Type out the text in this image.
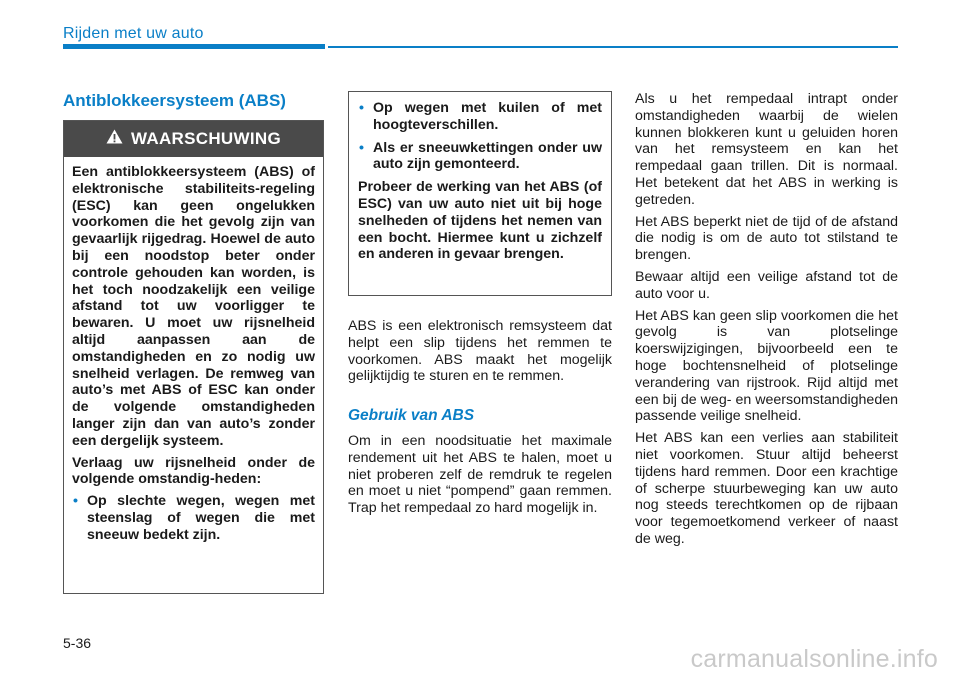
Rijden met uw auto
Antiblokkeersysteem (ABS)
WAARSCHUWING

Een antiblokkeersysteem (ABS) of elektronische stabiliteits-regeling (ESC) kan geen ongelukken voorkomen die het gevolg zijn van gevaarlijk rijgedrag. Hoewel de auto bij een noodstop beter onder controle gehouden kan worden, is het toch noodzakelijk een veilige afstand tot uw voorligger te bewaren. U moet uw rijsnelheid altijd aanpassen aan de omstandigheden en zo nodig uw snelheid verlagen. De remweg van auto’s met ABS of ESC kan onder de volgende omstandigheden langer zijn dan van auto’s zonder een dergelijk systeem.

Verlaag uw rijsnelheid onder de volgende omstandig-heden:

• Op slechte wegen, wegen met steenslag of wegen die met sneeuw bedekt zijn.
• Op wegen met kuilen of met hoogteverschillen.
• Als er sneeuwkettingen onder uw auto zijn gemonteerd.

Probeer de werking van het ABS (of ESC) van uw auto niet uit bij hoge snelheden of tijdens het nemen van een bocht. Hiermee kunt u zichzelf en anderen in gevaar brengen.

ABS is een elektronisch remsysteem dat helpt een slip tijdens het remmen te voorkomen. ABS maakt het mogelijk gelijktijdig te sturen en te remmen.

Gebruik van ABS

Om in een noodsituatie het maximale rendement uit het ABS te halen, moet u niet proberen zelf de remdruk te regelen en moet u niet “pompend” gaan remmen. Trap het rempedaal zo hard mogelijk in.

Als u het rempedaal intrapt onder omstandigheden waarbij de wielen kunnen blokkeren kunt u geluiden horen van het remsysteem en kan het rempedaal gaan trillen. Dit is normaal. Het betekent dat het ABS in werking is getreden.

Het ABS beperkt niet de tijd of de afstand die nodig is om de auto tot stilstand te brengen.

Bewaar altijd een veilige afstand tot de auto voor u.

Het ABS kan geen slip voorkomen die het gevolg is van plotselinge koerswijzigingen, bijvoorbeeld een te hoge bochtensnelheid of plotselinge verandering van rijstrook. Rijd altijd met een bij de weg- en weersomstandigheden passende veilige snelheid.

Het ABS kan een verlies aan stabiliteit niet voorkomen. Stuur altijd beheerst tijdens hard remmen. Door een krachtige of scherpe stuurbeweging kan uw auto nog steeds terechtkomen op de rijbaan voor tegemoetkomend verkeer of naast de weg.

5-36
carmanualsonline.info
